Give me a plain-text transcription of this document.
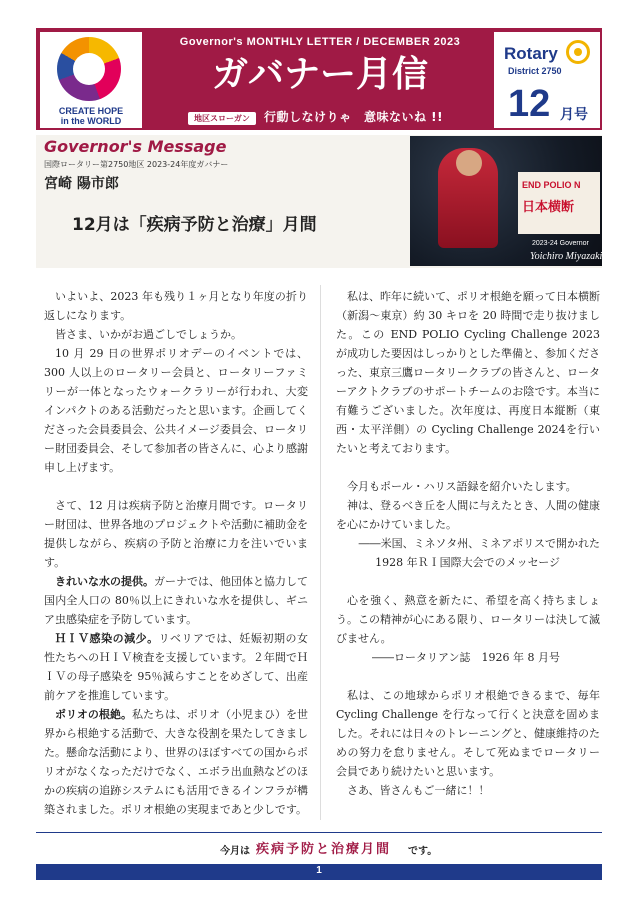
CREATE HOPE
in the WORLD
Governor's MONTHLY LETTER / DECEMBER 2023
ガバナー月信
地区スローガン	行動しなけりゃ　意味ないね !!
Rotary
District 2750
12 月号
Governor's Message
国際ロータリー第2750地区 2023-24年度ガバナー
宮崎 陽市郎
12月は「疾病予防と治療」月間
END POLIO N
日本横断
2023-24 Governor
Yoichiro Miyazaki

いよいよ、2023 年も残り１ヶ月となり年度の折り返しになります。

皆さま、いかがお過ごしでしょうか。

10 月 29 日の世界ポリオデーのイベントでは、300 人以上のロータリー会員と、ロータリーファミリーが一体となったウォークラリーが行われ、大変インパクトのある活動だったと思います。企画してくださった会員委員会、公共イメージ委員会、ロータリー財団委員会、そして参加者の皆さんに、心より感謝申し上げます。

さて、12 月は疾病予防と治療月間です。ロータリー財団は、世界各地のプロジェクトや活動に補助金を提供しながら、疾病の予防と治療に力を注いでいます。

きれいな水の提供。ガーナでは、他団体と協力して国内全人口の 80％以上にきれいな水を提供し、ギニア虫感染症を予防しています。

ＨＩＶ感染の減少。リベリアでは、妊娠初期の女性たちへのＨＩＶ検査を支援しています。２年間でＨＩＶの母子感染を 95％減らすことをめざして、出産前ケアを推進しています。

ポリオの根絶。私たちは、ポリオ（小児まひ）を世界から根絶する活動で、大きな役割を果たしてきました。懸命な活動により、世界のほぼすべての国からポリオがなくなっただけでなく、エボラ出血熱などのほかの疾病の追跡システムにも活用できるインフラが構築されました。ポリオ根絶の実現まであと少しです。

私は、昨年に続いて、ポリオ根絶を願って日本横断（新潟〜東京）約 30 キロを 20 時間で走り抜けました。この END POLIO Cycling Challenge 2023 が成功した要因はしっかりとした準備と、参加くださった、東京三鷹ロータリークラブの皆さんと、ローターアクトクラブのサポートチームのお陰です。本当に有難うございました。次年度は、再度日本縦断（東西・太平洋側）の Cycling Challenge 2024を行いたいと考えております。

今月もポール・ハリス語録を紹介いたします。

神は、登るべき丘を人間に与えたとき、人間の健康を心にかけていました。

――米国、ミネソタ州、ミネアポリスで開かれた

1928 年ＲＩ国際大会でのメッセージ

心を強く、熱意を新たに、希望を高く持ちましょう。この精神が心にある限り、ロータリーは決して滅びません。

――ロータリアン誌　1926 年 8 月号

私は、この地球からポリオ根絶できるまで、毎年 Cycling Challenge を行なって行くと決意を固めました。それには日々のトレーニングと、健康維持のための努力を怠りません。そして死ぬまでロータリー会員であり続けたいと思います。

さあ、皆さんもご一緒に！！

今月は 疾病予防と治療月間 です。
1
